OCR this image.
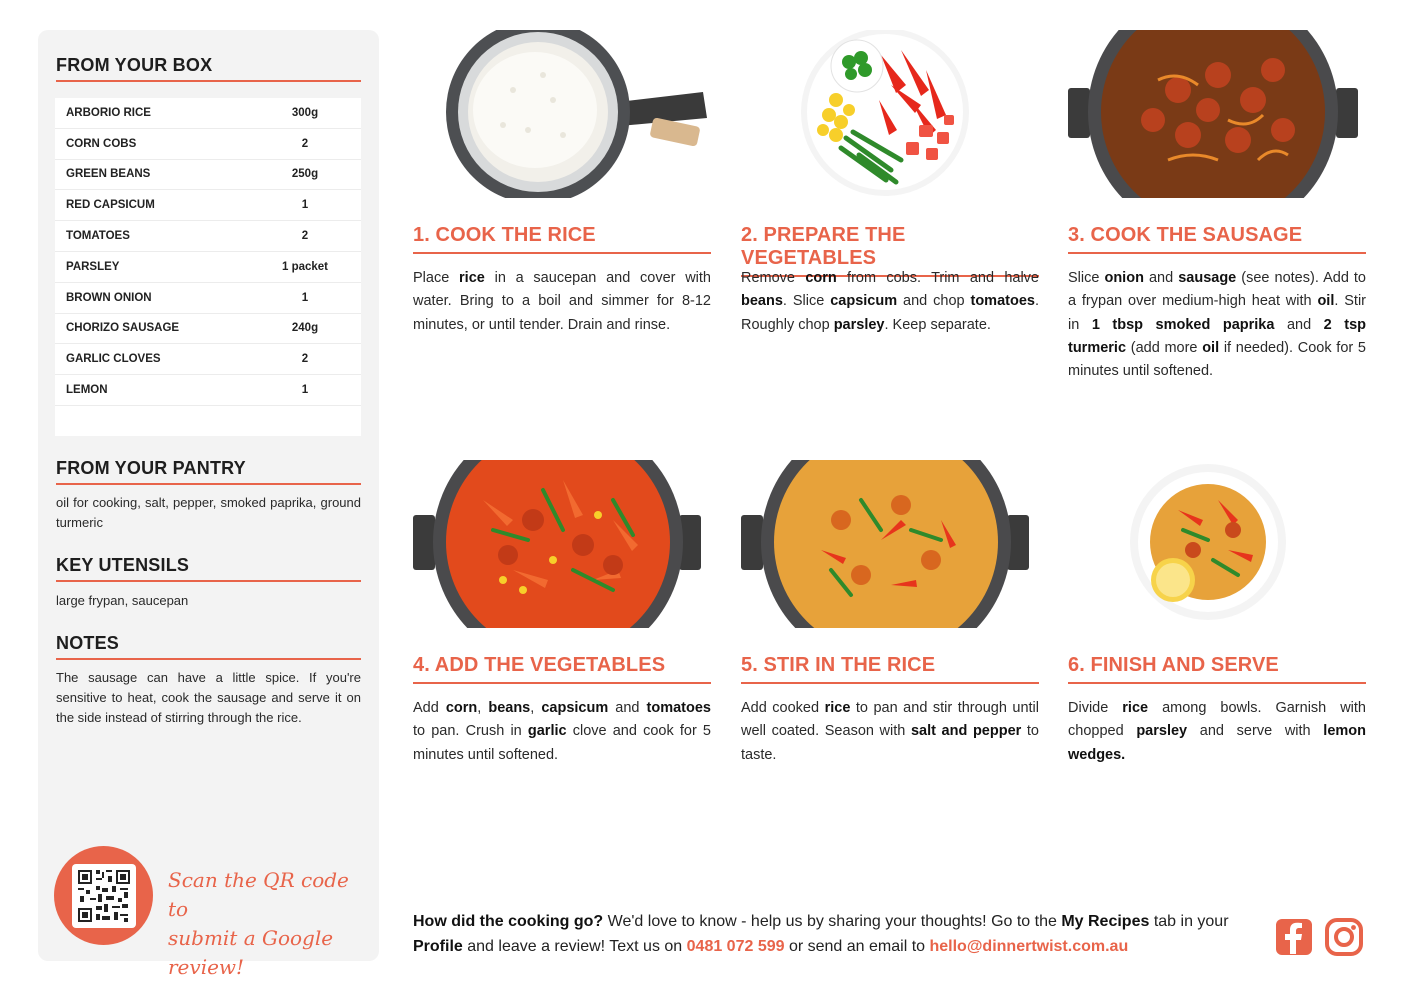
FROM YOUR BOX
ARBORIO RICE	300g
CORN COBS	2
GREEN BEANS	250g
RED CAPSICUM	1
TOMATOES	2
PARSLEY	1 packet
BROWN ONION	1
CHORIZO SAUSAGE	240g
GARLIC CLOVES	2
LEMON	1
FROM YOUR PANTRY
oil for cooking, salt, pepper, smoked paprika, ground turmeric
KEY UTENSILS
large frypan, saucepan
NOTES
The sausage can have a little spice. If you're sensitive to heat, cook the sausage and serve it on the side instead of stirring through the rice.
Scan the QR code to
submit a Google review!
1. COOK THE RICE
Place rice in a saucepan and cover with water. Bring to a boil and simmer for 8-12 minutes, or until tender. Drain and rinse.
2. PREPARE THE VEGETABLES
Remove corn from cobs. Trim and halve beans. Slice capsicum and chop tomatoes. Roughly chop parsley. Keep separate.
3. COOK THE SAUSAGE
Slice onion and sausage (see notes). Add to a frypan over medium-high heat with oil. Stir in 1 tbsp smoked paprika and 2 tsp turmeric (add more oil if needed). Cook for 5 minutes until softened.
4. ADD THE VEGETABLES
Add corn, beans, capsicum and tomatoes to pan. Crush in garlic clove and cook for 5 minutes until softened.
5. STIR IN THE RICE
Add cooked rice to pan and stir through until well coated. Season with salt and pepper to taste.
6. FINISH AND SERVE
Divide rice among bowls. Garnish with chopped parsley and serve with lemon wedges.
How did the cooking go? We'd love to know - help us by sharing your thoughts! Go to the My Recipes tab in your Profile and leave a review! Text us on 0481 072 599 or send an email to hello@dinnertwist.com.au
